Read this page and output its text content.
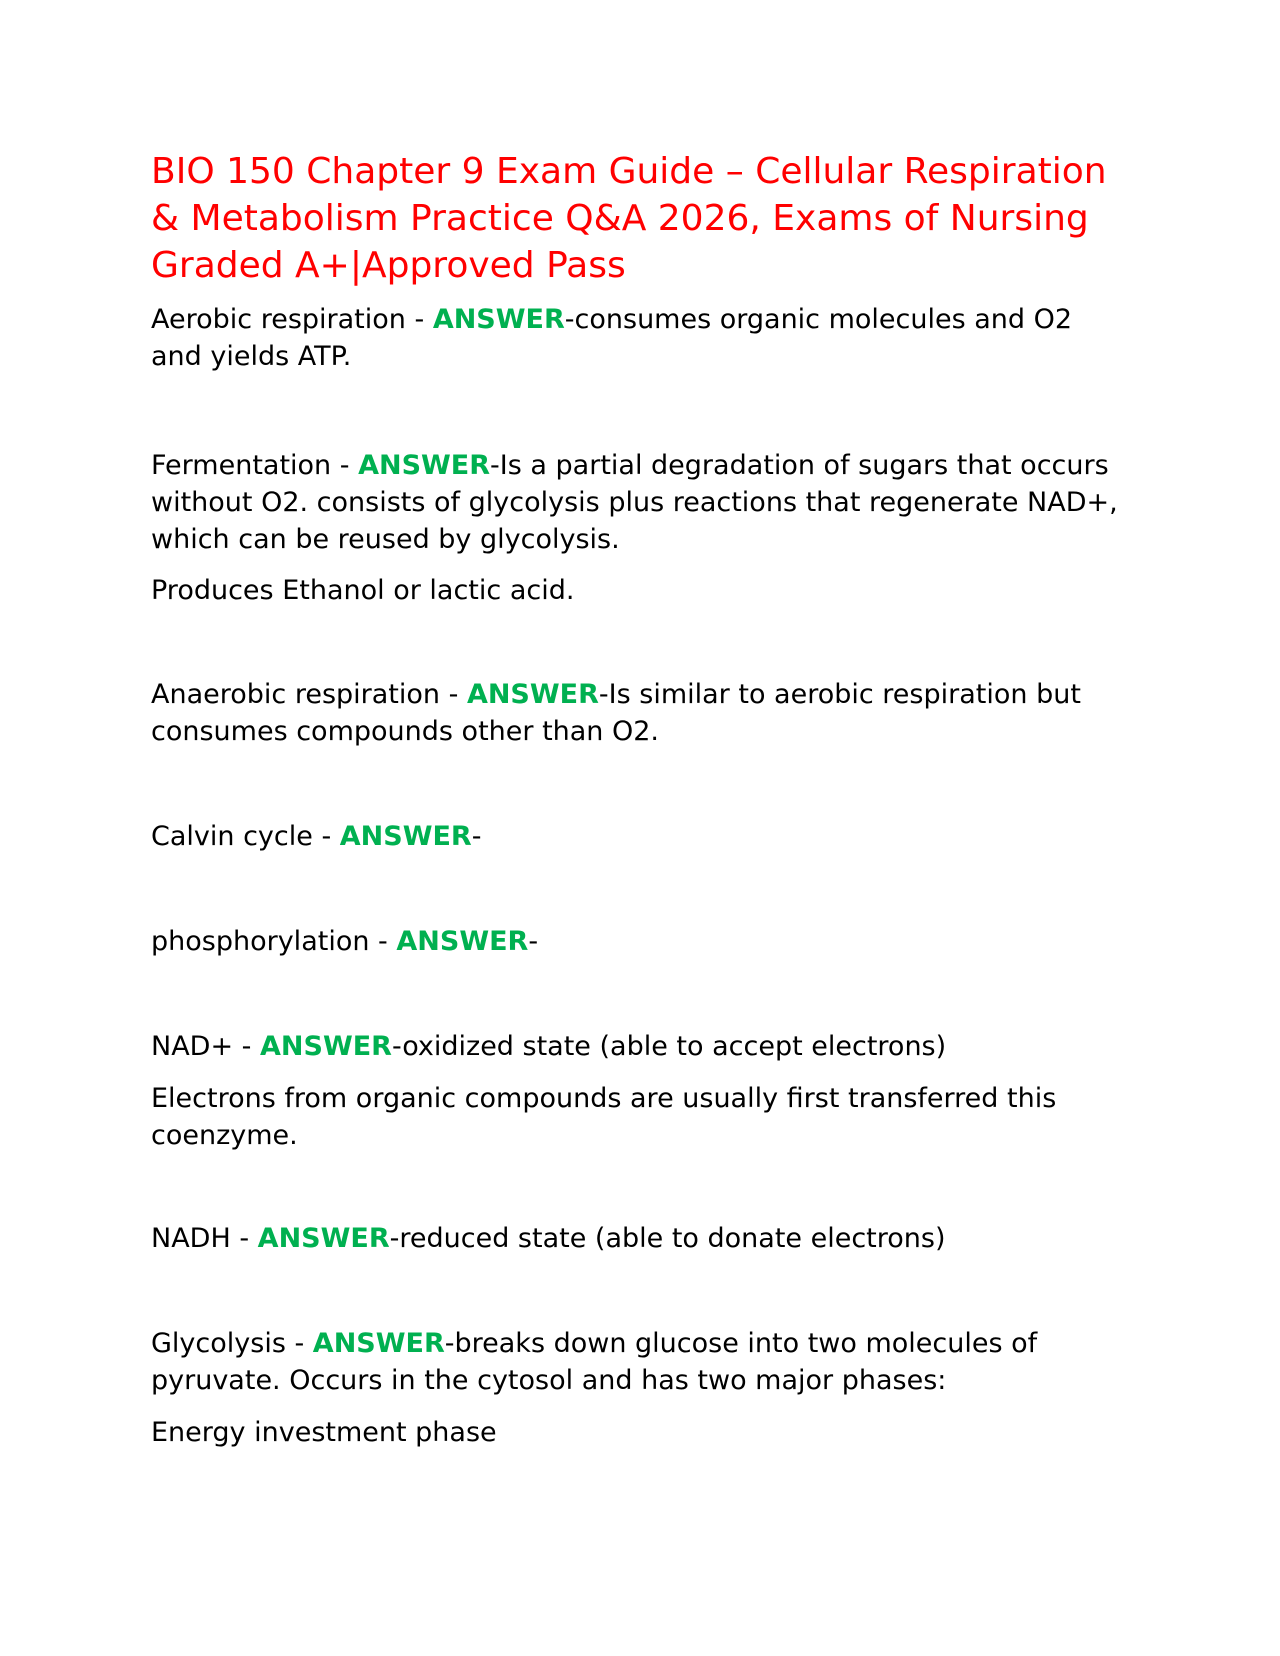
BIO 150 Chapter 9 Exam Guide – Cellular Respiration & Metabolism Practice Q&A 2026, Exams of Nursing Graded A+|Approved Pass

Aerobic respiration - ANSWER-consumes organic molecules and O2 and yields ATP.

Fermentation - ANSWER-Is a partial degradation of sugars that occurs without O2. consists of glycolysis plus reactions that regenerate NAD+, which can be reused by glycolysis.

Produces Ethanol or lactic acid.

Anaerobic respiration - ANSWER-Is similar to aerobic respiration but consumes compounds other than O2.

Calvin cycle - ANSWER-

phosphorylation - ANSWER-

NAD+ - ANSWER-oxidized state (able to accept electrons)

Electrons from organic compounds are usually first transferred this coenzyme.

NADH - ANSWER-reduced state (able to donate electrons)

Glycolysis - ANSWER-breaks down glucose into two molecules of pyruvate. Occurs in the cytosol and has two major phases:

Energy investment phase
